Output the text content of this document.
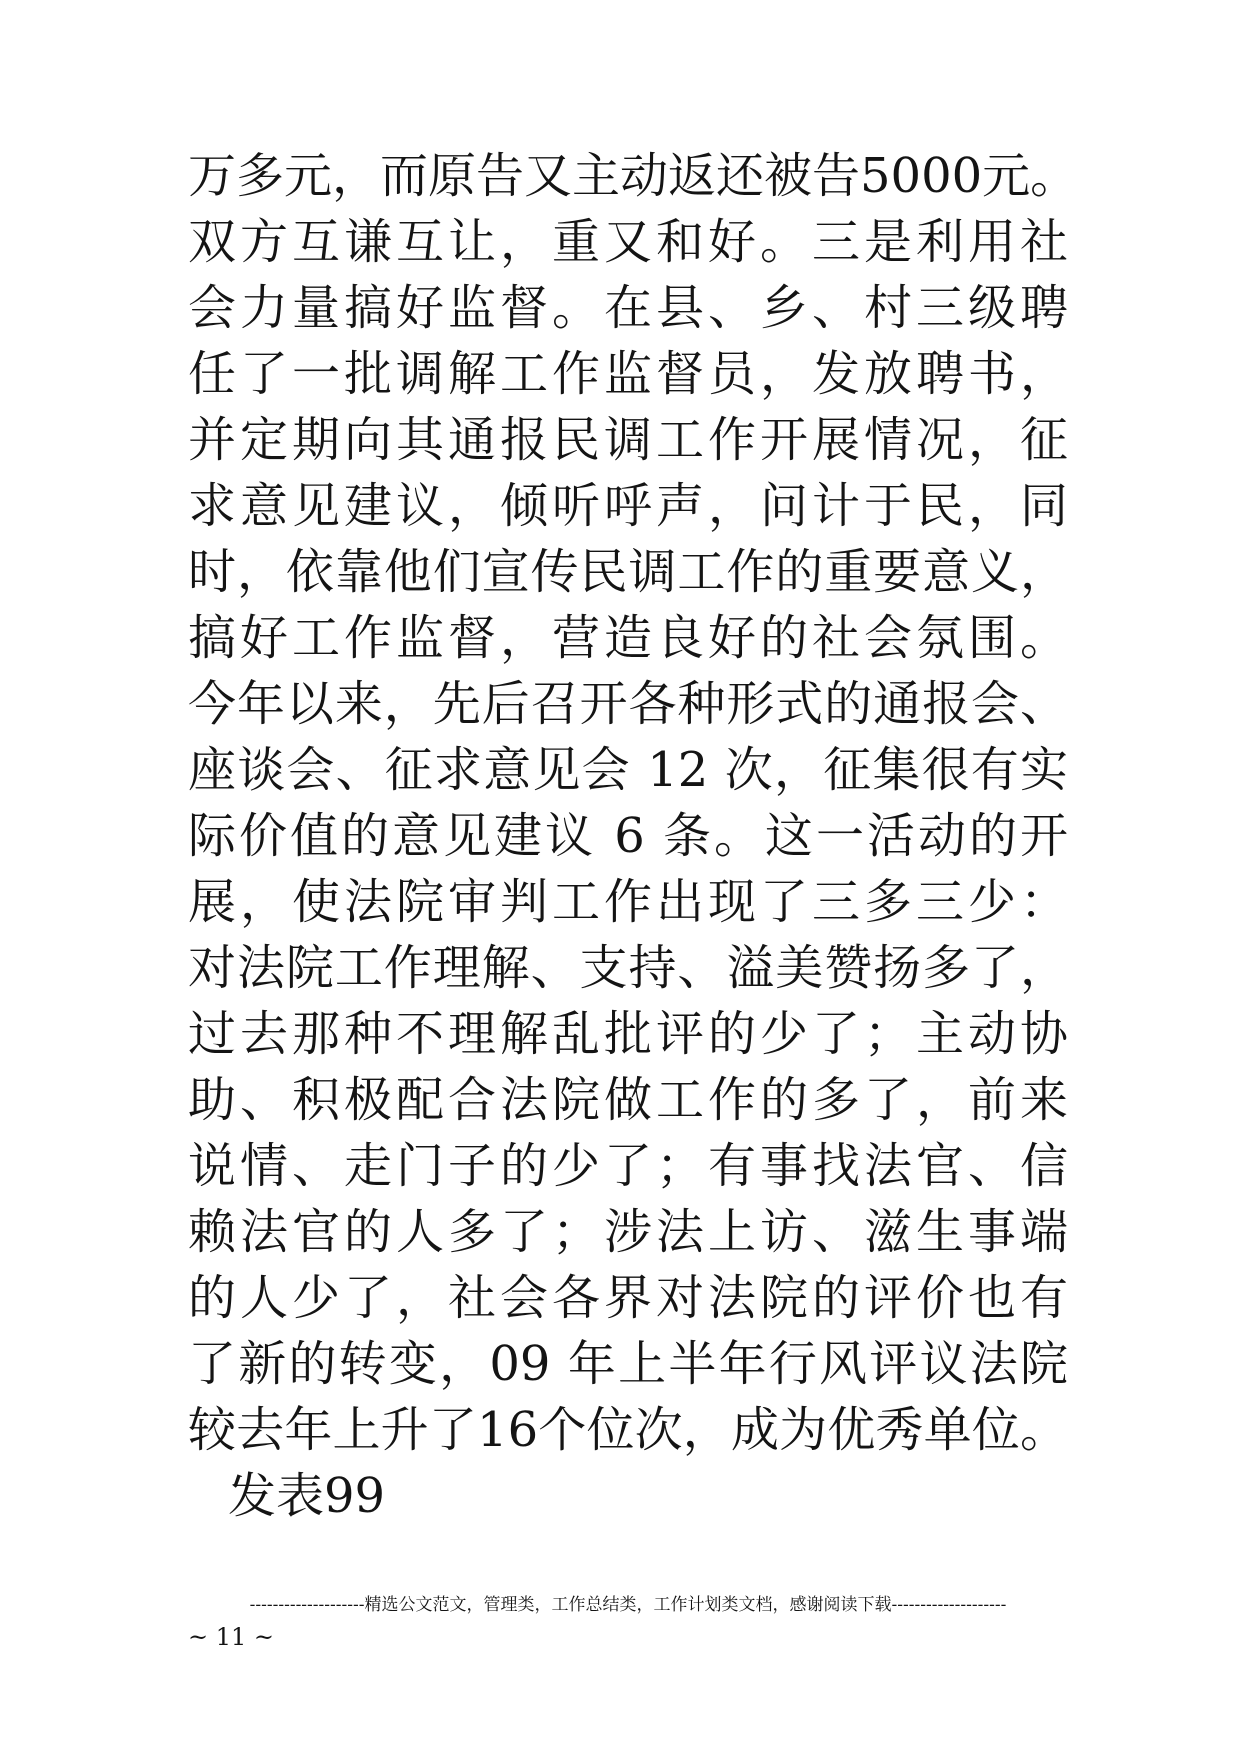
万多元，而原告又主动返还被告5000元。
双方互谦互让，重又和好。三是利用社
会力量搞好监督。在县、乡、村三级聘
任了一批调解工作监督员，发放聘书，
并定期向其通报民调工作开展情况，征
求意见建议，倾听呼声，问计于民，同
时，依靠他们宣传民调工作的重要意义，
搞好工作监督，营造良好的社会氛围。
今年以来，先后召开各种形式的通报会、
座谈会、征求意见会 12 次，征集很有实
际价值的意见建议 6 条。这一活动的开
展，使法院审判工作出现了三多三少：
对法院工作理解、支持、溢美赞扬多了，
过去那种不理解乱批评的少了；主动协
助、积极配合法院做工作的多了，前来
说情、走门子的少了；有事找法官、信
赖法官的人多了；涉法上访、滋生事端
的人少了，社会各界对法院的评价也有
了新的转变，09 年上半年行风评议法院
较去年上升了16个位次，成为优秀单位。
发表99
--------------------精选公文范文，管理类，工作总结类，工作计划类文档，感谢阅读下载--------------------
~ 11 ~
